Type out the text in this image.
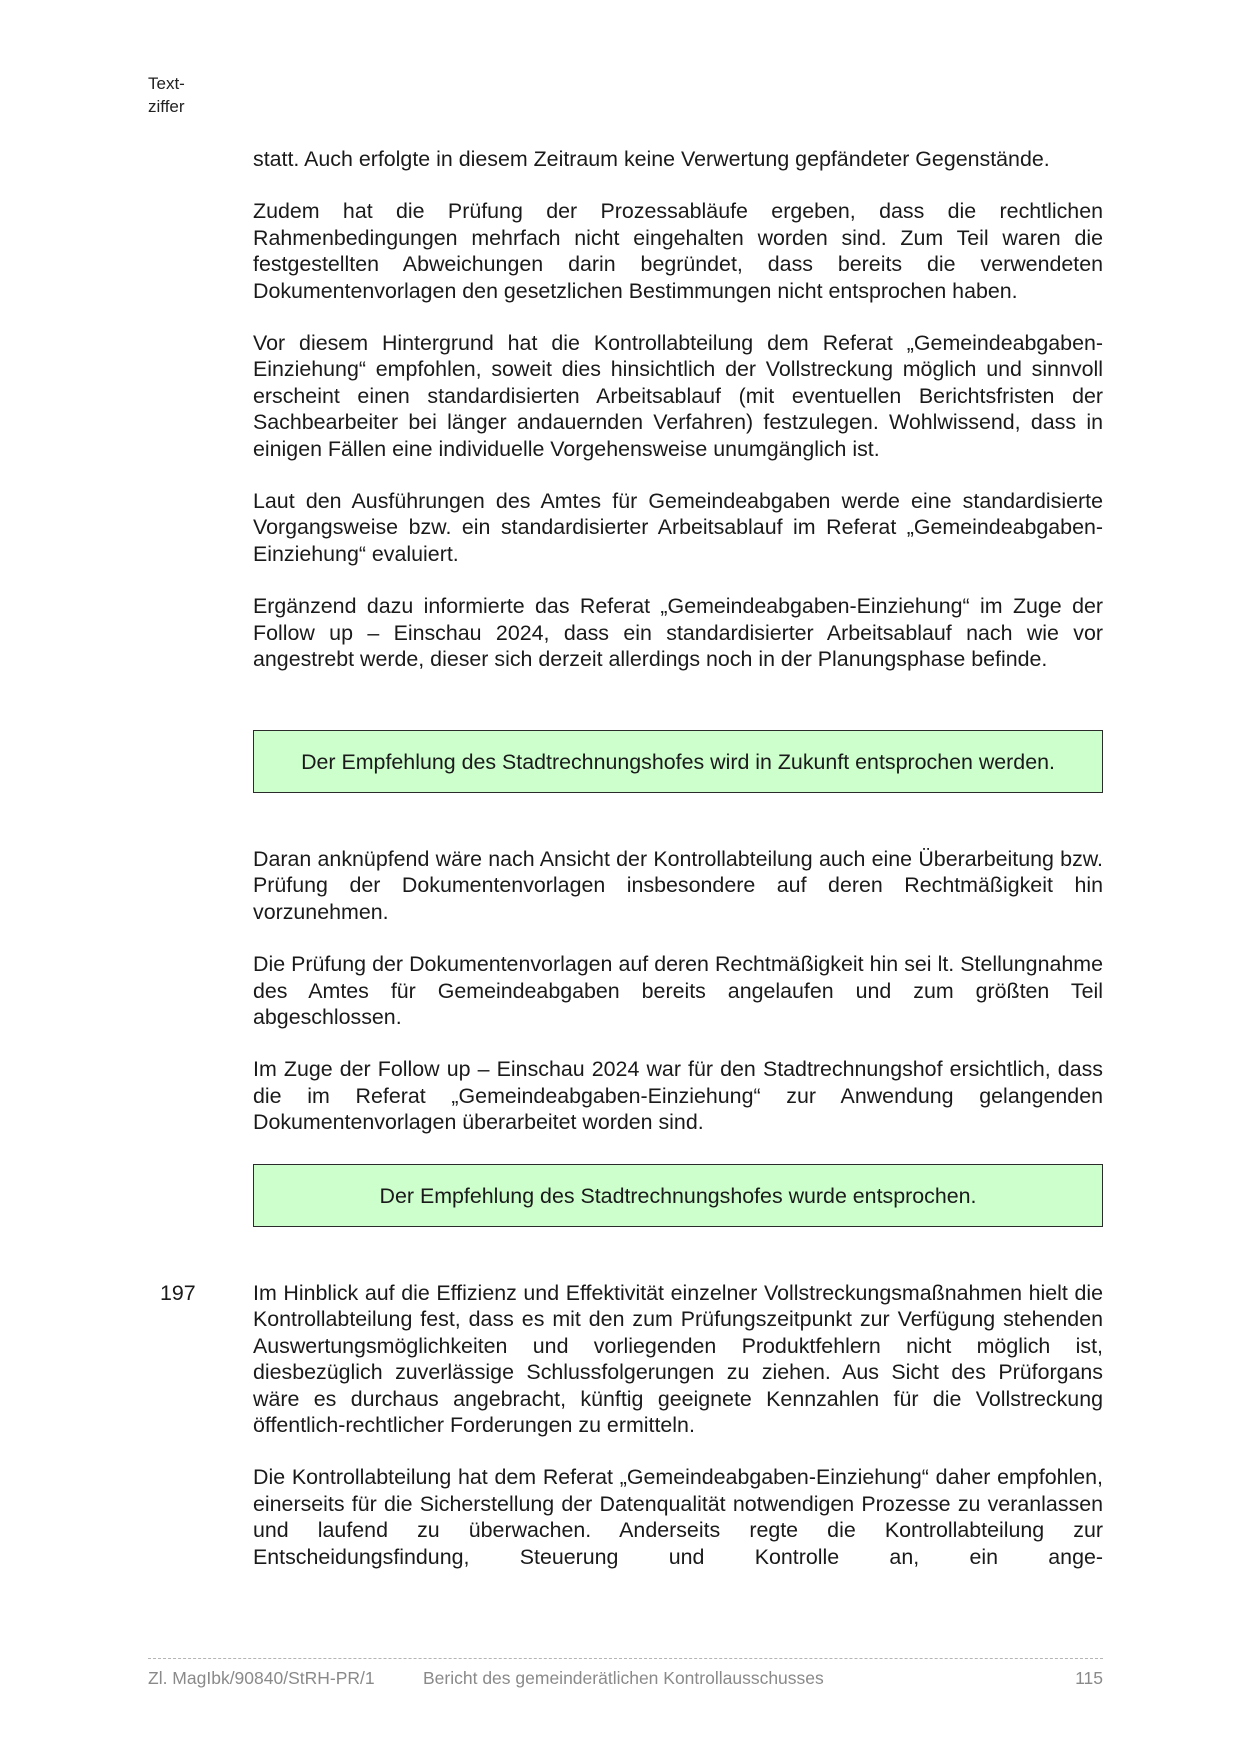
Text-
ziffer

statt. Auch erfolgte in diesem Zeitraum keine Verwertung gepfändeter Gegenstände.

Zudem hat die Prüfung der Prozessabläufe ergeben, dass die rechtlichen Rahmenbedingungen mehrfach nicht eingehalten worden sind. Zum Teil waren die festgestellten Abweichungen darin begründet, dass bereits die verwendeten Dokumentenvorlagen den gesetzlichen Bestimmungen nicht entsprochen haben.

Vor diesem Hintergrund hat die Kontrollabteilung dem Referat „Gemeindeabgaben-Einziehung“ empfohlen, soweit dies hinsichtlich der Vollstreckung möglich und sinnvoll erscheint einen standardisierten Arbeitsablauf (mit eventuellen Berichtsfristen der Sachbearbeiter bei länger andauernden Verfahren) festzulegen. Wohlwissend, dass in einigen Fällen eine individuelle Vorgehensweise unumgänglich ist.

Laut den Ausführungen des Amtes für Gemeindeabgaben werde eine standardisierte Vorgangsweise bzw. ein standardisierter Arbeitsablauf im Referat „Gemeindeabgaben-Einziehung“ evaluiert.

Ergänzend dazu informierte das Referat „Gemeindeabgaben-Einziehung“ im Zuge der Follow up – Einschau 2024, dass ein standardisierter Arbeitsablauf nach wie vor angestrebt werde, dieser sich derzeit allerdings noch in der Planungsphase befinde.

Der Empfehlung des Stadtrechnungshofes wird in Zukunft entsprochen werden.

Daran anknüpfend wäre nach Ansicht der Kontrollabteilung auch eine Überarbeitung bzw. Prüfung der Dokumentenvorlagen insbesondere auf deren Rechtmäßigkeit hin vorzunehmen.

Die Prüfung der Dokumentenvorlagen auf deren Rechtmäßigkeit hin sei lt. Stellungnahme des Amtes für Gemeindeabgaben bereits angelaufen und zum größten Teil abgeschlossen.

Im Zuge der Follow up – Einschau 2024 war für den Stadtrechnungshof ersichtlich, dass die im Referat „Gemeindeabgaben-Einziehung“ zur Anwendung gelangenden Dokumentenvorlagen überarbeitet worden sind.

Der Empfehlung des Stadtrechnungshofes wurde entsprochen.
197	Im Hinblick auf die Effizienz und Effektivität einzelner Vollstreckungsmaßnahmen hielt die Kontrollabteilung fest, dass es mit den zum Prüfungszeitpunkt zur Verfügung stehenden Auswertungsmöglichkeiten und vorliegenden Produktfehlern nicht möglich ist, diesbezüglich zuverlässige Schlussfolgerungen zu ziehen. Aus Sicht des Prüforgans wäre es durchaus angebracht, künftig geeignete Kennzahlen für die Vollstreckung öffentlich-rechtlicher Forderungen zu ermitteln.

Die Kontrollabteilung hat dem Referat „Gemeindeabgaben-Einziehung“ daher empfohlen, einerseits für die Sicherstellung der Datenqualität notwendigen Prozesse zu veranlassen und laufend zu überwachen. Anderseits regte die Kontrollabteilung zur Entscheidungsfindung, Steuerung und Kontrolle an, ein ange-

Zl. MagIbk/90840/StRH-PR/1	Bericht des gemeinderätlichen Kontrollausschusses	115
